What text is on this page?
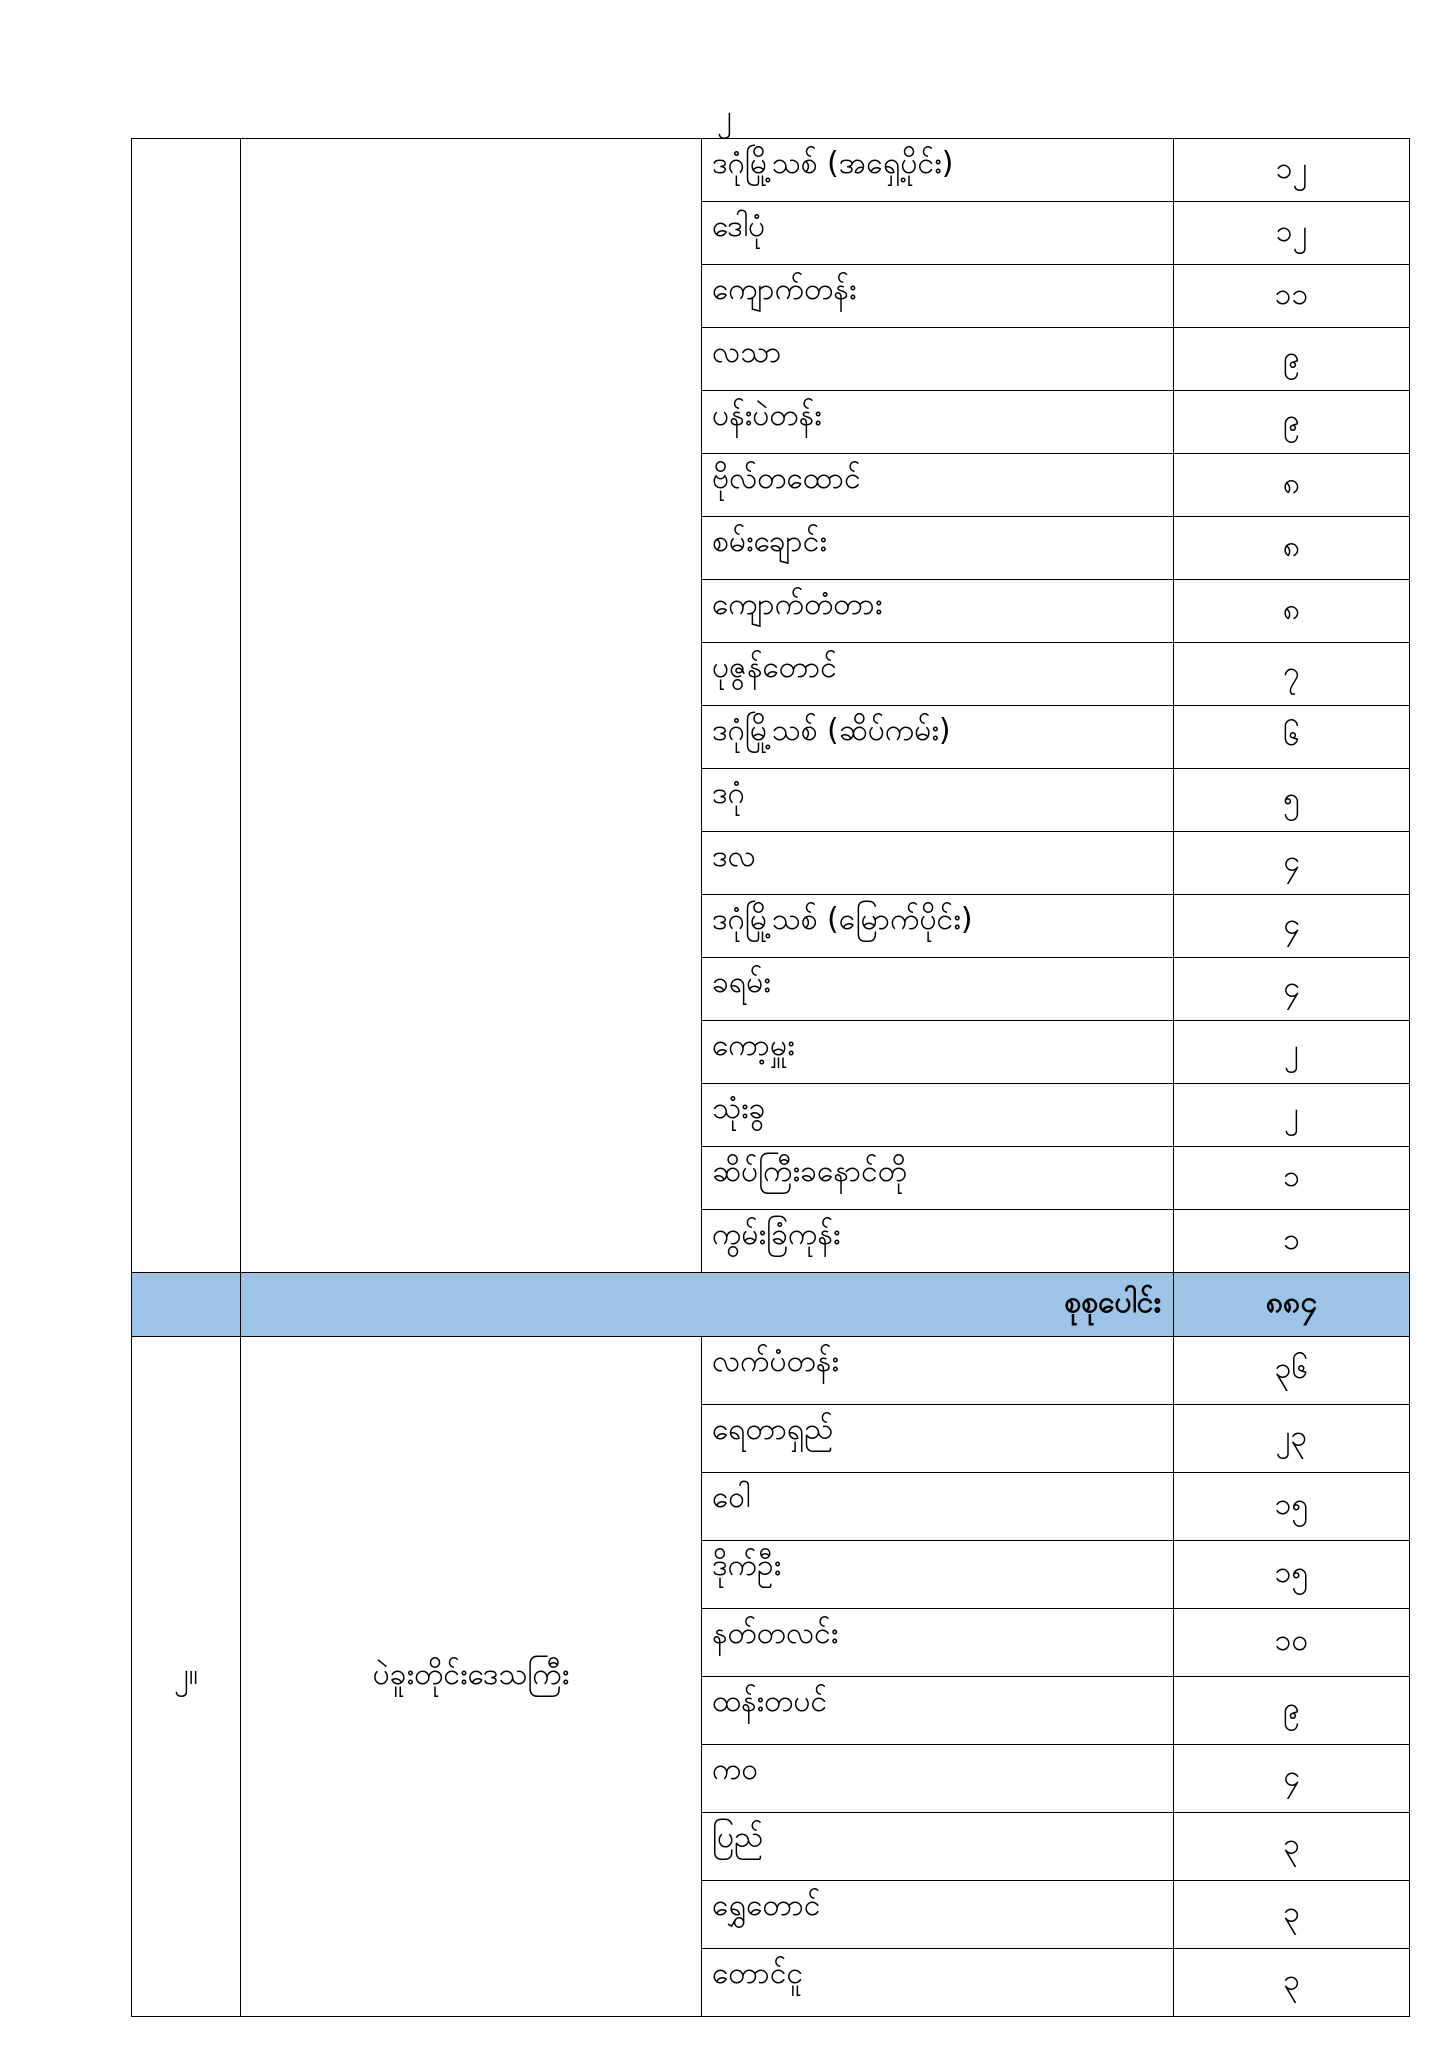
၂
		ဒဂုံမြို့သစ် (အရှေ့ပိုင်း)	၁၂
		ဒေါပုံ	၁၂
		ကျောက်တန်း	၁၁
		လသာ	၉
		ပန်းပဲတန်း	၉
		ဗိုလ်တထောင်	၈
		စမ်းချောင်း	၈
		ကျောက်တံတား	၈
		ပုဇွန်တောင်	၇
		ဒဂုံမြို့သစ် (ဆိပ်ကမ်း)	၆
		ဒဂုံ	၅
		ဒလ	၄
		ဒဂုံမြို့သစ် (မြောက်ပိုင်း)	၄
		ခရမ်း	၄
		ကော့မှူး	၂
		သုံးခွ	၂
		ဆိပ်ကြီးခနောင်တို	၁
		ကွမ်းခြံကုန်း	၁
	စုစုပေါင်း		၈၈၄
၂။	ပဲခူးတိုင်းဒေသကြီး	လက်ပံတန်း	၃၆
		ရေတာရှည်	၂၃
		ဝေါ	၁၅
		ဒိုက်ဦး	၁၅
		နတ်တလင်း	၁၀
		ထန်းတပင်	၉
		ကဝ	၄
		ပြည်	၃
		ရွှေတောင်	၃
		တောင်ငူ	၃
